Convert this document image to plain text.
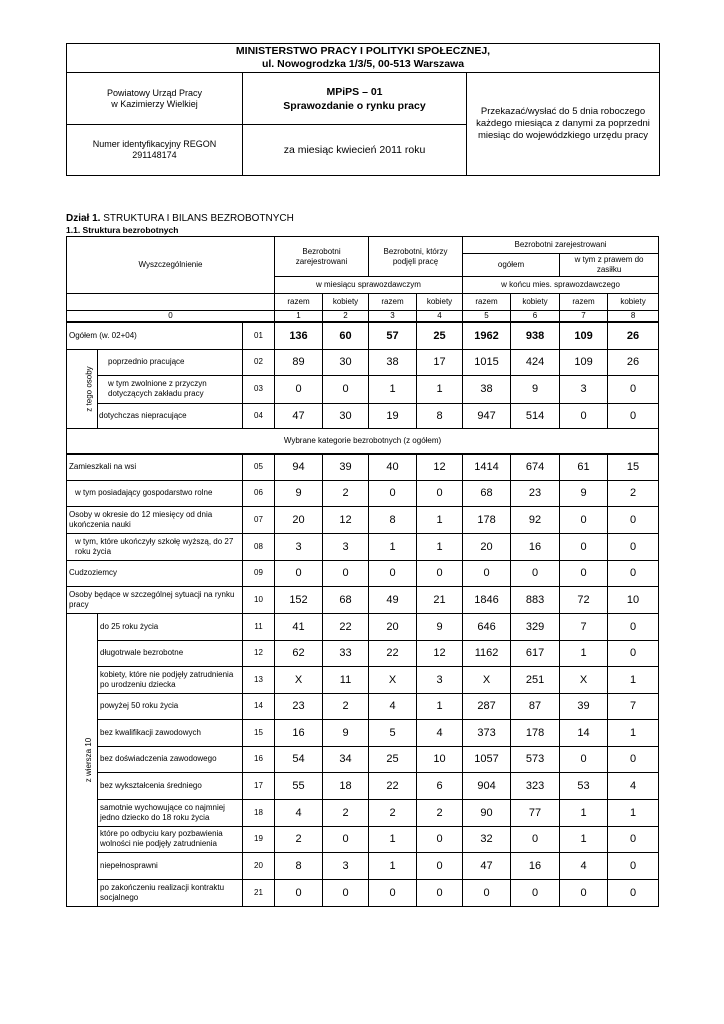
MINISTERSTWO PRACY I POLITYKI SPOŁECZNEJ,
ul. Nowogrodzka 1/3/5, 00-513 Warszawa		
Powiatowy Urząd Pracy
w Kazimierzy Wielkiej	MPiPS – 01
Sprawozdanie o rynku pracy	Przekazać/wysłać do 5 dnia roboczego każdego miesiąca z danymi za poprzedni miesiąc do wojewódzkiego urzędu pracy
Numer identyfikacyjny REGON
291148174	za miesiąc kwiecień 2011 roku	
Dział 1. STRUKTURA I BILANS BEZROBOTNYCH
1.1. Struktura bezrobotnych
Wyszczególnienie			Bezrobotni zarejestrowani		Bezrobotni, którzy podjęli pracę		Bezrobotni zarejestrowani			
							ogółem		w tym z prawem do zasiłku	
			w miesiącu sprawozdawczym				w końcu mies. sprawozdawczego			
			razem	kobiety	razem	kobiety	razem	kobiety	razem	kobiety
0			1	2	3	4	5	6	7	8
Ogółem (w. 02+04)		01	136	60	57	25	1962	938	109	26
z tego osoby	poprzednio pracujące	02	89	30	38	17	1015	424	109	26
	w tym zwolnione z przyczyn dotyczących zakładu pracy	03	0	0	1	1	38	9	3	0
	dotychczas niepracujące	04	47	30	19	8	947	514	0	0
Wybrane kategorie bezrobotnych (z ogółem)										
Zamieszkali na wsi		05	94	39	40	12	1414	674	61	15
w tym posiadający gospodarstwo rolne		06	9	2	0	0	68	23	9	2
Osoby w okresie do 12 miesięcy od dnia ukończenia nauki		07	20	12	8	1	178	92	0	0
w tym, które ukończyły szkołę wyższą, do 27 roku życia		08	3	3	1	1	20	16	0	0
Cudzoziemcy		09	0	0	0	0	0	0	0	0
Osoby będące w szczególnej sytuacji na rynku pracy		10	152	68	49	21	1846	883	72	10
z wiersza 10	do 25 roku życia	11	41	22	20	9	646	329	7	0
	długotrwale bezrobotne	12	62	33	22	12	1162	617	1	0
	kobiety, które nie podjęły zatrudnienia po urodzeniu dziecka	13	X	11	X	3	X	251	X	1
	powyżej 50 roku życia	14	23	2	4	1	287	87	39	7
	bez kwalifikacji zawodowych	15	16	9	5	4	373	178	14	1
	bez doświadczenia zawodowego	16	54	34	25	10	1057	573	0	0
	bez wykształcenia średniego	17	55	18	22	6	904	323	53	4
	samotnie wychowujące co najmniej jedno dziecko do 18 roku życia	18	4	2	2	2	90	77	1	1
	które po odbyciu kary pozbawienia wolności nie podjęły zatrudnienia	19	2	0	1	0	32	0	1	0
	niepełnosprawni	20	8	3	1	0	47	16	4	0
	po zakończeniu realizacji kontraktu socjalnego	21	0	0	0	0	0	0	0	0
